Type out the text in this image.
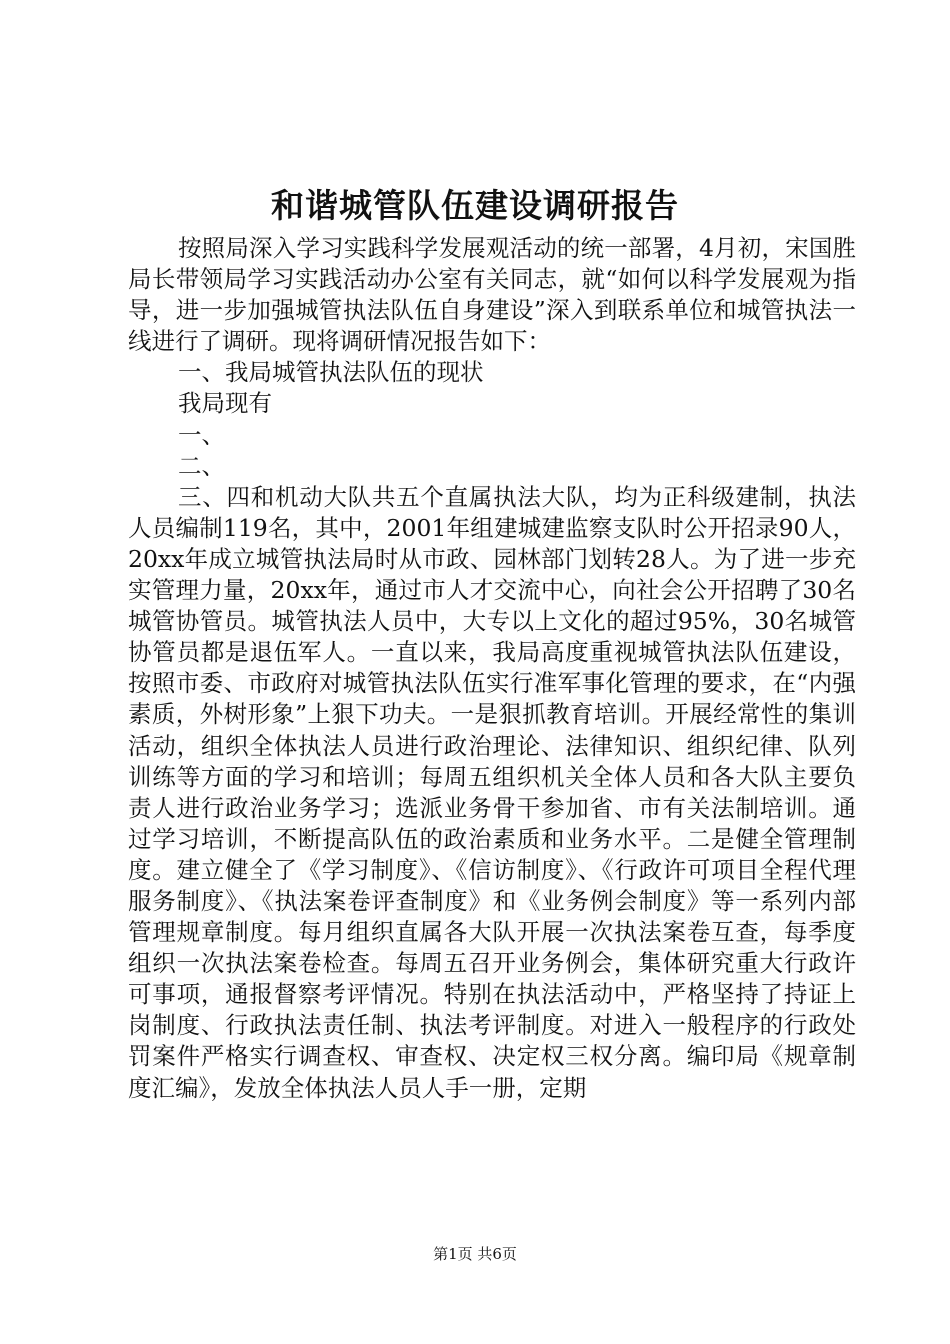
和谐城管队伍建设调研报告

按照局深入学习实践科学发展观活动的统一部署，4月初，宋国胜局长带领局学习实践活动办公室有关同志，就“如何以科学发展观为指导，进一步加强城管执法队伍自身建设”深入到联系单位和城管执法一线进行了调研。现将调研情况报告如下：

一、我局城管执法队伍的现状

我局现有

一、

二、

三、四和机动大队共五个直属执法大队，均为正科级建制，执法人员编制119名，其中，2001年组建城建监察支队时公开招录90人，20xx年成立城管执法局时从市政、园林部门划转28人。为了进一步充实管理力量，20xx年，通过市人才交流中心，向社会公开招聘了30名城管协管员。城管执法人员中，大专以上文化的超过95%，30名城管协管员都是退伍军人。一直以来，我局高度重视城管执法队伍建设，按照市委、市政府对城管执法队伍实行准军事化管理的要求，在“内强素质，外树形象”上狠下功夫。一是狠抓教育培训。开展经常性的集训活动，组织全体执法人员进行政治理论、法律知识、组织纪律、队列训练等方面的学习和培训；每周五组织机关全体人员和各大队主要负责人进行政治业务学习；选派业务骨干参加省、市有关法制培训。通过学习培训，不断提高队伍的政治素质和业务水平。二是健全管理制度。建立健全了《学习制度》、《信访制度》、《行政许可项目全程代理服务制度》、《执法案卷评查制度》和《业务例会制度》等一系列内部管理规章制度。每月组织直属各大队开展一次执法案卷互查，每季度组织一次执法案卷检查。每周五召开业务例会，集体研究重大行政许可事项，通报督察考评情况。特别在执法活动中，严格坚持了持证上岗制度、行政执法责任制、执法考评制度。对进入一般程序的行政处罚案件严格实行调查权、审查权、决定权三权分离。编印局《规章制度汇编》，发放全体执法人员人手一册，定期

第1页 共6页
